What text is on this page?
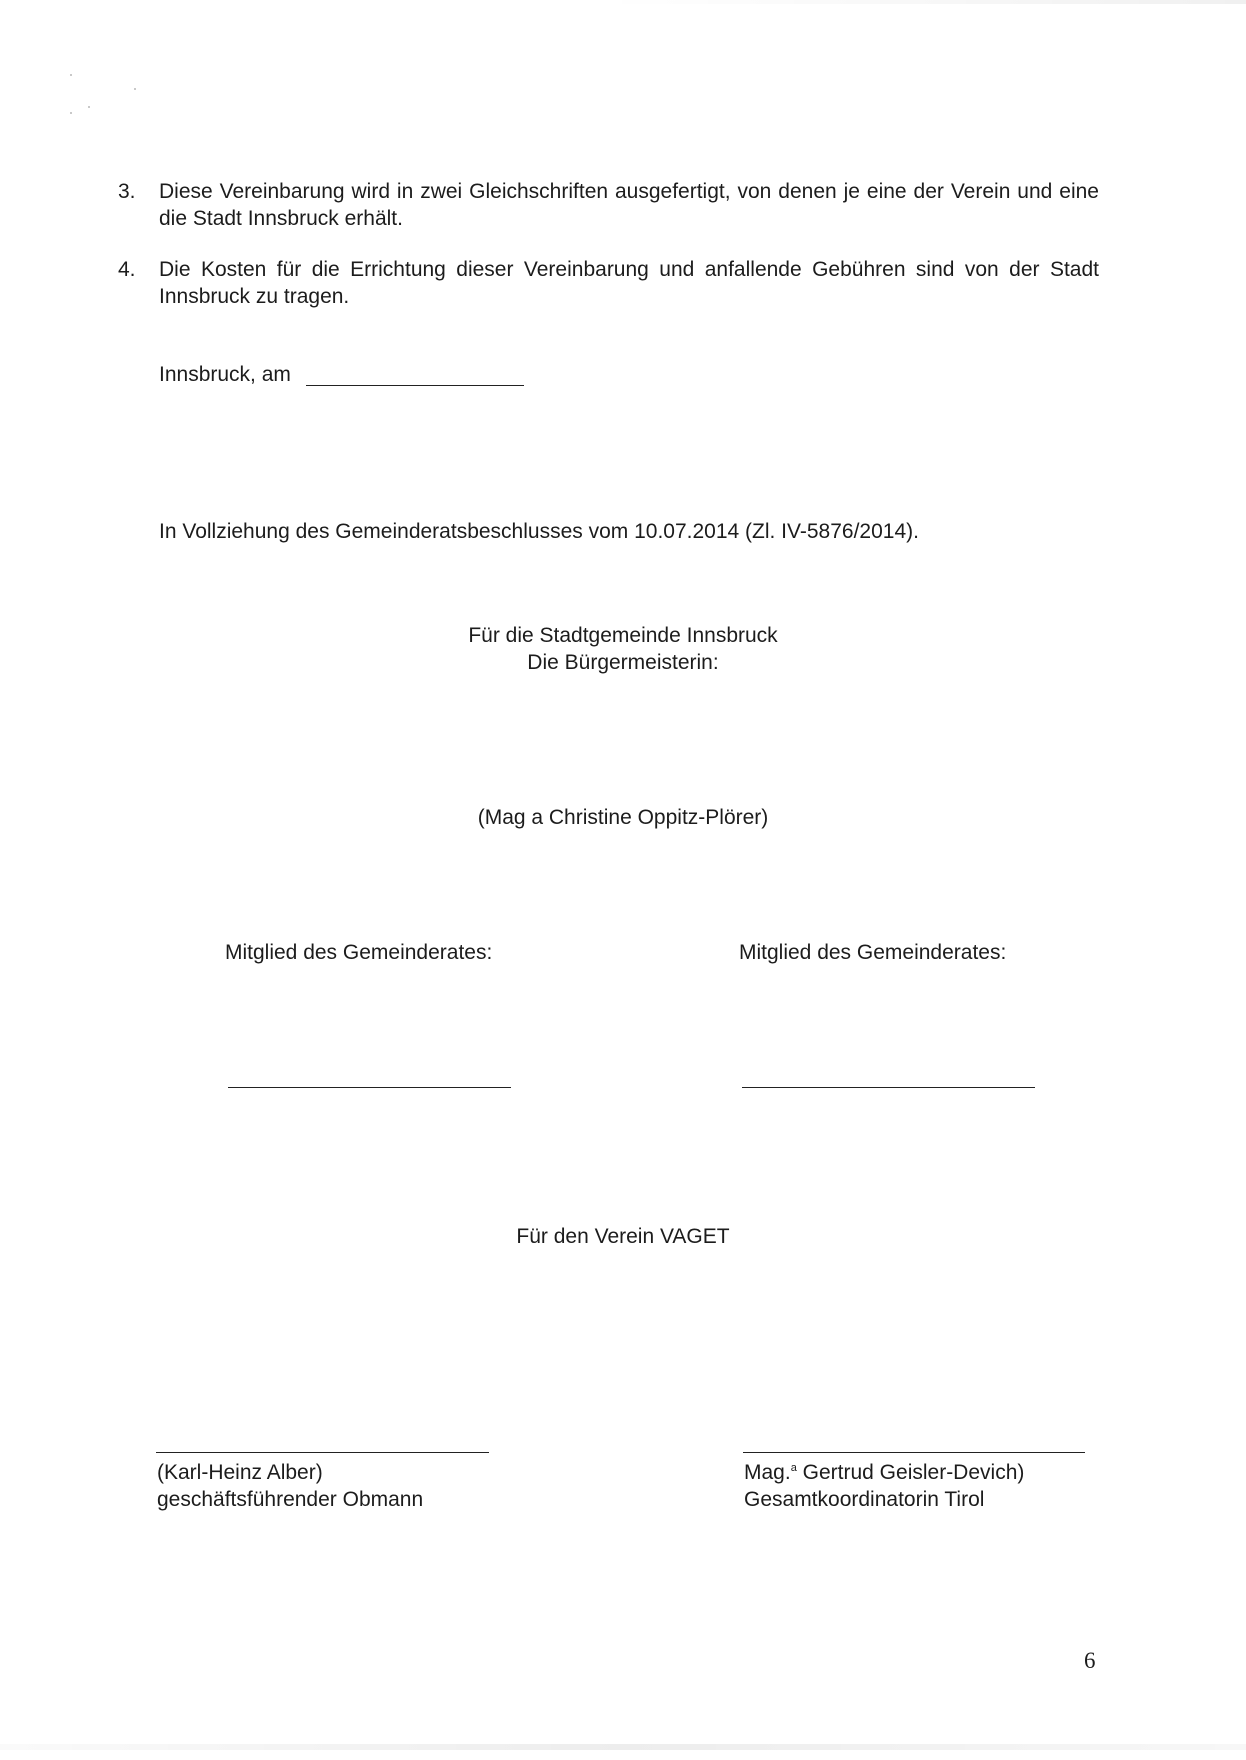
3. Diese Vereinbarung wird in zwei Gleichschriften ausgefertigt, von denen je eine der Verein und eine die Stadt Innsbruck erhält.
4. Die Kosten für die Errichtung dieser Vereinbarung und anfallende Gebühren sind von der Stadt Innsbruck zu tragen.
Innsbruck, am
In Vollziehung des Gemeinderatsbeschlusses vom 10.07.2014 (Zl. IV-5876/2014).
Für die Stadtgemeinde Innsbruck
Die Bürgermeisterin:
(Mag a Christine Oppitz-Plörer)
Mitglied des Gemeinderates:	Mitglied des Gemeinderates:
Für den Verein VAGET
(Karl-Heinz Alber)
geschäftsführender Obmann
Mag.$^a$ Gertrud Geisler-Devich)
Gesamtkoordinatorin Tirol
6
